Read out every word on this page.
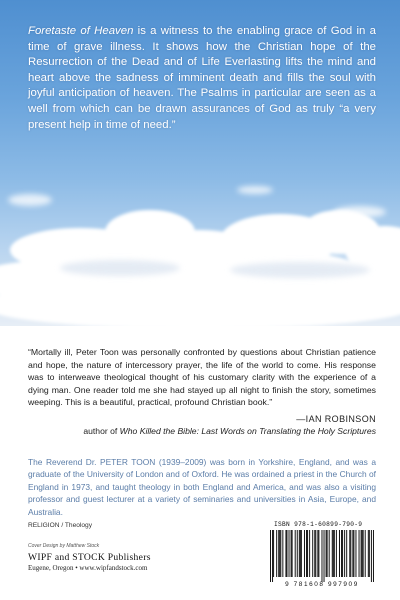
Foretaste of Heaven is a witness to the enabling grace of God in a time of grave illness. It shows how the Christian hope of the Resurrection of the Dead and of Life Everlasting lifts the mind and heart above the sadness of imminent death and fills the soul with joyful anticipation of heaven. The Psalms in particular are seen as a well from which can be drawn assurances of God as truly “a very present help in time of need.”
“Mortally ill, Peter Toon was personally confronted by questions about Christian patience and hope, the nature of intercessory prayer, the life of the world to come. His response was to interweave theological thought of his customary clarity with the experience of a dying man. One reader told me she had stayed up all night to finish the story, sometimes weeping. This is a beautiful, practical, profound Christian book.”
—IAN ROBINSON
author of Who Killed the Bible: Last Words on Translating the Holy Scriptures
The Reverend Dr. PETER TOON (1939–2009) was born in Yorkshire, England, and was a graduate of the University of London and of Oxford. He was ordained a priest in the Church of England in 1973, and taught theology in both England and America, and was also a visiting professor and guest lecturer at a variety of seminaries and universities in Asia, Europe, and Australia.
RELIGION / Theology
Cover Design by Matthew Stock
WIPF and STOCK Publishers
Eugene, Oregon • www.wipfandstock.com
ISBN 978-1-60899-790-9
9 781608 997909
